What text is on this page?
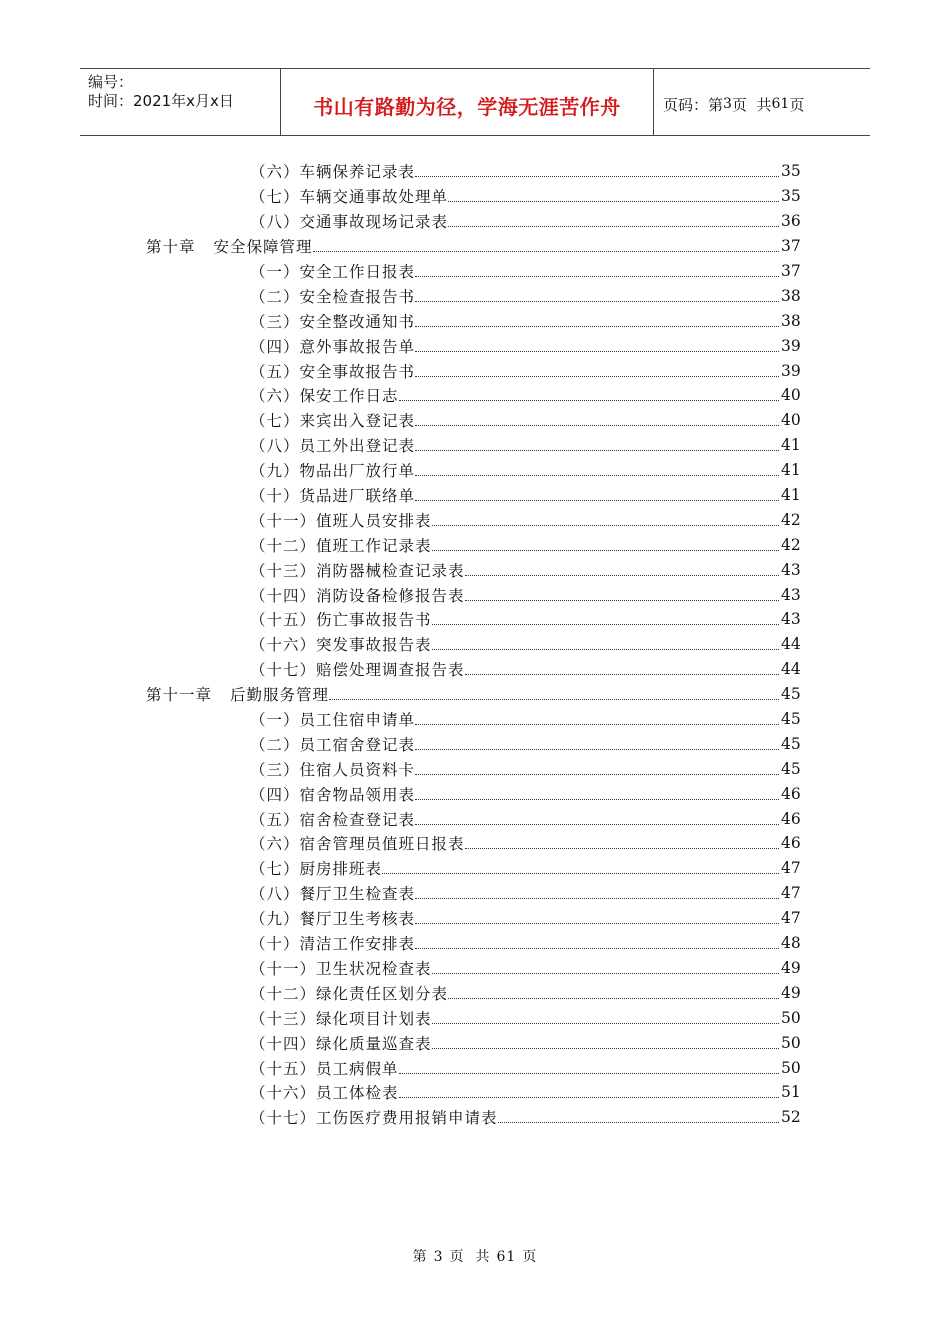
编号：
时间：2021年x月x日	书山有路勤为径，学海无涯苦作舟	页码：第 3 页  共 61 页
（六）车辆保养记录表	35
（七）车辆交通事故处理单	35
（八）交通事故现场记录表	36
第十章 安全保障管理	37
（一）安全工作日报表	37
（二）安全检查报告书	38
（三）安全整改通知书	38
（四）意外事故报告单	39
（五）安全事故报告书	39
（六）保安工作日志	40
（七）来宾出入登记表	40
（八）员工外出登记表	41
（九）物品出厂放行单	41
（十）货品进厂联络单	41
（十一）值班人员安排表	42
（十二）值班工作记录表	42
（十三）消防器械检查记录表	43
（十四）消防设备检修报告表	43
（十五）伤亡事故报告书	43
（十六）突发事故报告表	44
（十七）赔偿处理调查报告表	44
第十一章 后勤服务管理	45
（一）员工住宿申请单	45
（二）员工宿舍登记表	45
（三）住宿人员资料卡	45
（四）宿舍物品领用表	46
（五）宿舍检查登记表	46
（六）宿舍管理员值班日报表	46
（七）厨房排班表	47
（八）餐厅卫生检查表	47
（九）餐厅卫生考核表	47
（十）清洁工作安排表	48
（十一）卫生状况检查表	49
（十二）绿化责任区划分表	49
（十三）绿化项目计划表	50
（十四）绿化质量巡查表	50
（十五）员工病假单	50
（十六）员工体检表	51
（十七）工伤医疗费用报销申请表	52
第 3 页  共 61 页
